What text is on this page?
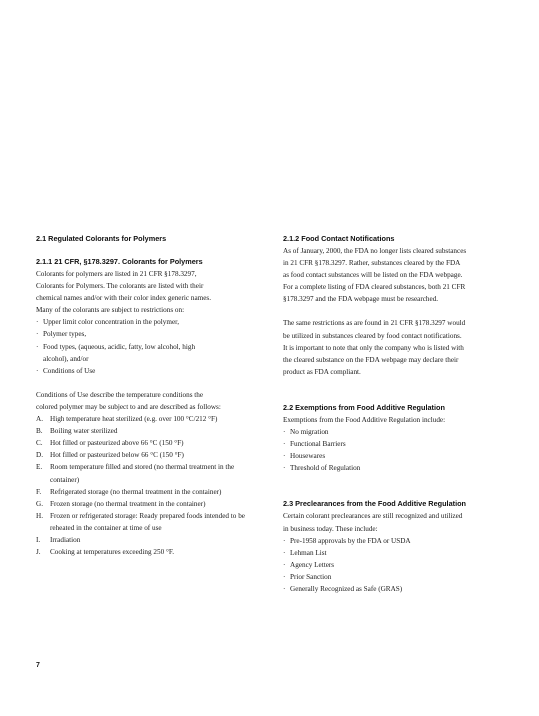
2.1 Regulated Colorants for Polymers
2.1.1 21 CFR, §178.3297. Colorants for Polymers

Colorants for polymers are listed in 21 CFR §178.3297,
Colorants for Polymers. The colorants are listed with their
chemical names and/or with their color index generic names.
Many of the colorants are subject to restrictions on:

· Upper limit color concentration in the polymer,
· Polymer types,
· Food types, (aqueous, acidic, fatty, low alcohol, high alcohol), and/or
· Conditions of Use

Conditions of Use describe the temperature conditions the
colored polymer may be subject to and are described as follows:

A. High temperature heat sterilized (e.g. over 100 °C/212 °F)
B. Boiling water sterilized
C. Hot filled or pasteurized above 66 °C (150 °F)
D. Hot filled or pasteurized below 66 °C (150 °F)
E. Room temperature filled and stored (no thermal treatment in the container)
F. Refrigerated storage (no thermal treatment in the container)
G. Frozen storage (no thermal treatment in the container)
H. Frozen or refrigerated storage: Ready prepared foods intended to be reheated in the container at time of use
I. Irradiation
J. Cooking at temperatures exceeding 250 °F.
2.1.2 Food Contact Notifications

As of January, 2000, the FDA no longer lists cleared substances
in 21 CFR §178.3297. Rather, substances cleared by the FDA
as food contact substances will be listed on the FDA webpage.
For a complete listing of FDA cleared substances, both 21 CFR
§178.3297 and the FDA webpage must be researched.

The same restrictions as are found in 21 CFR §178.3297 would
be utilized in substances cleared by food contact notifications.
It is important to note that only the company who is listed with
the cleared substance on the FDA webpage may declare their
product as FDA compliant.

2.2 Exemptions from Food Additive Regulation

Exemptions from the Food Additive Regulation include:

· No migration
· Functional Barriers
· Housewares
· Threshold of Regulation
2.3 Preclearances from the Food Additive Regulation

Certain colorant preclearances are still recognized and utilized
in business today. These include:

· Pre-1958 approvals by the FDA or USDA
· Lehman List
· Agency Letters
· Prior Sanction
· Generally Recognized as Safe (GRAS)
7
